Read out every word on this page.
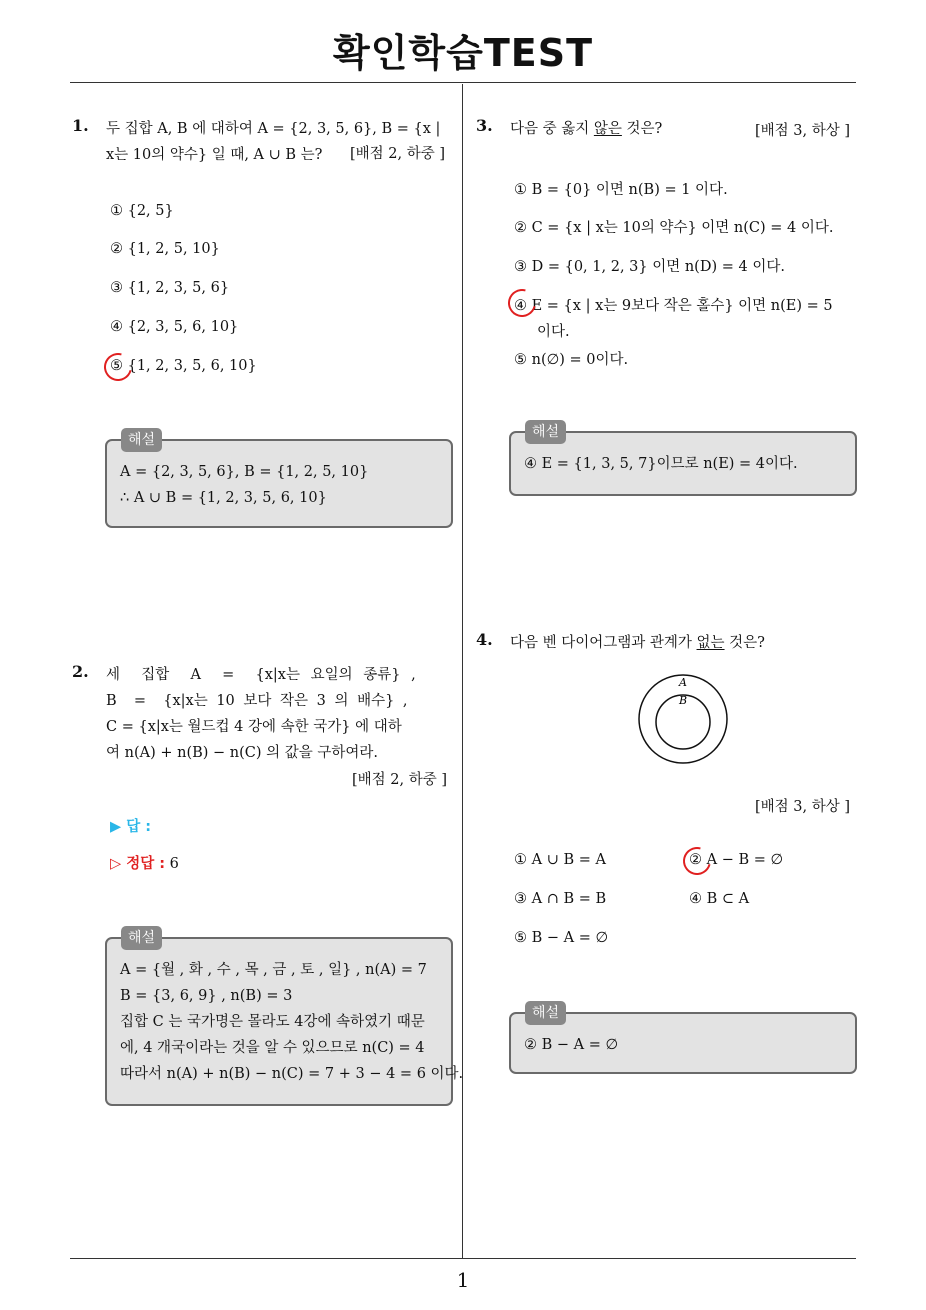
확인학습TEST
1
1. 두 집합 A, B 에 대하여 A = {2, 3, 5, 6}, B = {x |
x는 10의 약수} 일 때, A ∪ B 는?	[배점 2, 하중 ]
① {2, 5}
② {1, 2, 5, 10}
③ {1, 2, 3, 5, 6}
④ {2, 3, 5, 6, 10}
⑤ {1, 2, 3, 5, 6, 10}
해설
A = {2, 3, 5, 6}, B = {1, 2, 5, 10}
∴ A ∪ B = {1, 2, 3, 5, 6, 10}
2. 세  집합  A  =  {x|x는 요일의 종류} ,
B  =  {x|x는 10 보다 작은 3 의 배수} ,
C = {x|x는 월드컵 4 강에 속한 국가} 에 대하
여 n(A) + n(B) − n(C) 의 값을 구하여라.
[배점 2, 하중 ]
▶ 답 :
▷ 정답 : 6
해설
A = {월 , 화 , 수 , 목 , 금 , 토 , 일} , n(A) = 7
B = {3, 6, 9} , n(B) = 3
집합 C 는 국가명은 몰라도 4강에 속하였기 때문
에, 4 개국이라는 것을 알 수 있으므로 n(C) = 4
따라서 n(A) + n(B) − n(C) = 7 + 3 − 4 = 6 이다.
3. 다음 중 옳지 않은 것은?	[배점 3, 하상 ]
① B = {0} 이면 n(B) = 1 이다.
② C = {x | x는 10의 약수} 이면 n(C) = 4 이다.
③ D = {0, 1, 2, 3} 이면 n(D) = 4 이다.
④ E = {x | x는 9보다 작은 홀수} 이면 n(E) = 5
이다.
⑤ n(∅) = 0이다.
해설
④ E = {1, 3, 5, 7}이므로 n(E) = 4이다.
4. 다음 벤 다이어그램과 관계가 없는 것은?
A
B
[배점 3, 하상 ]
① A ∪ B = A	② A − B = ∅
③ A ∩ B = B	④ B ⊂ A
⑤ B − A = ∅
해설
② B − A = ∅
